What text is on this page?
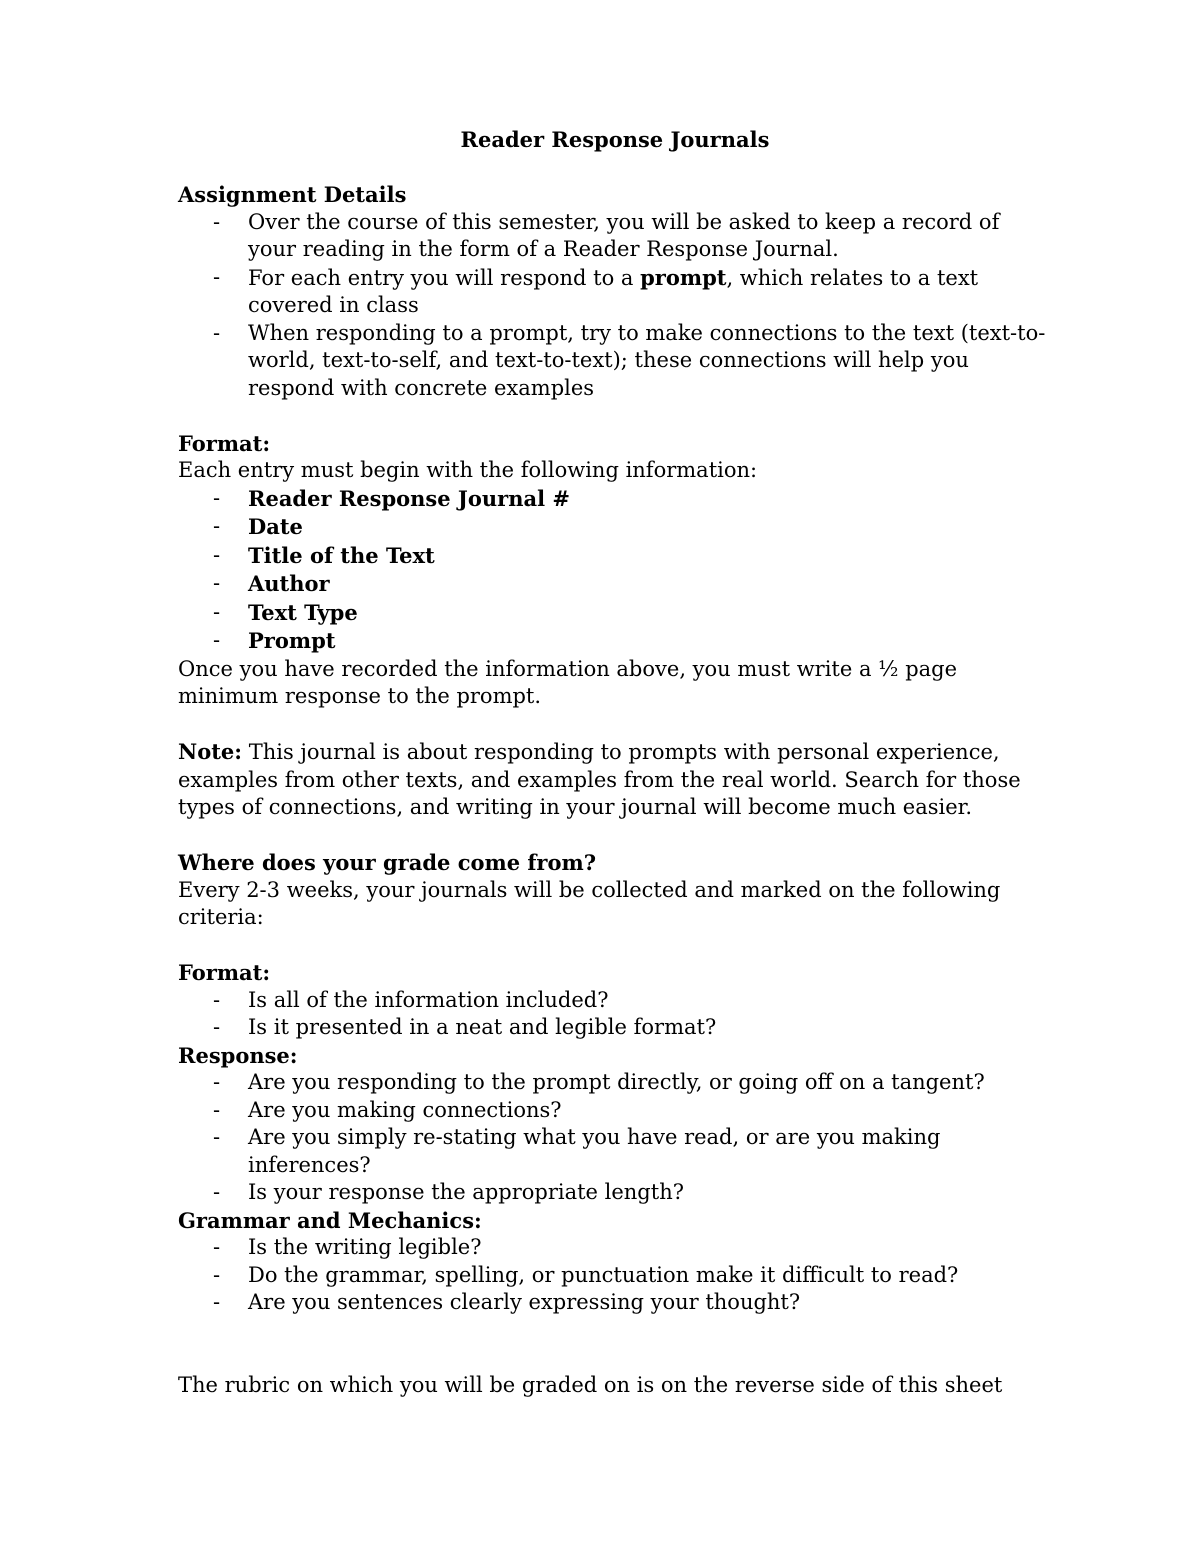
Reader Response Journals

Assignment Details

- Over the course of this semester, you will be asked to keep a record of your reading in the form of a Reader Response Journal.
- For each entry you will respond to a prompt, which relates to a text covered in class
- When responding to a prompt, try to make connections to the text (text-to-world, text-to-self, and text-to-text); these connections will help you respond with concrete examples

Format:

Each entry must begin with the following information:

- Reader Response Journal #
- Date
- Title of the Text
- Author
- Text Type
- Prompt

Once you have recorded the information above, you must write a ½ page minimum response to the prompt.

Note: This journal is about responding to prompts with personal experience, examples from other texts, and examples from the real world. Search for those types of connections, and writing in your journal will become much easier.

Where does your grade come from?

Every 2-3 weeks, your journals will be collected and marked on the following criteria:

Format:

- Is all of the information included?
- Is it presented in a neat and legible format?

Response:

- Are you responding to the prompt directly, or going off on a tangent?
- Are you making connections?
- Are you simply re-stating what you have read, or are you making inferences?
- Is your response the appropriate length?

Grammar and Mechanics:

- Is the writing legible?
- Do the grammar, spelling, or punctuation make it difficult to read?
- Are you sentences clearly expressing your thought?

The rubric on which you will be graded on is on the reverse side of this sheet
